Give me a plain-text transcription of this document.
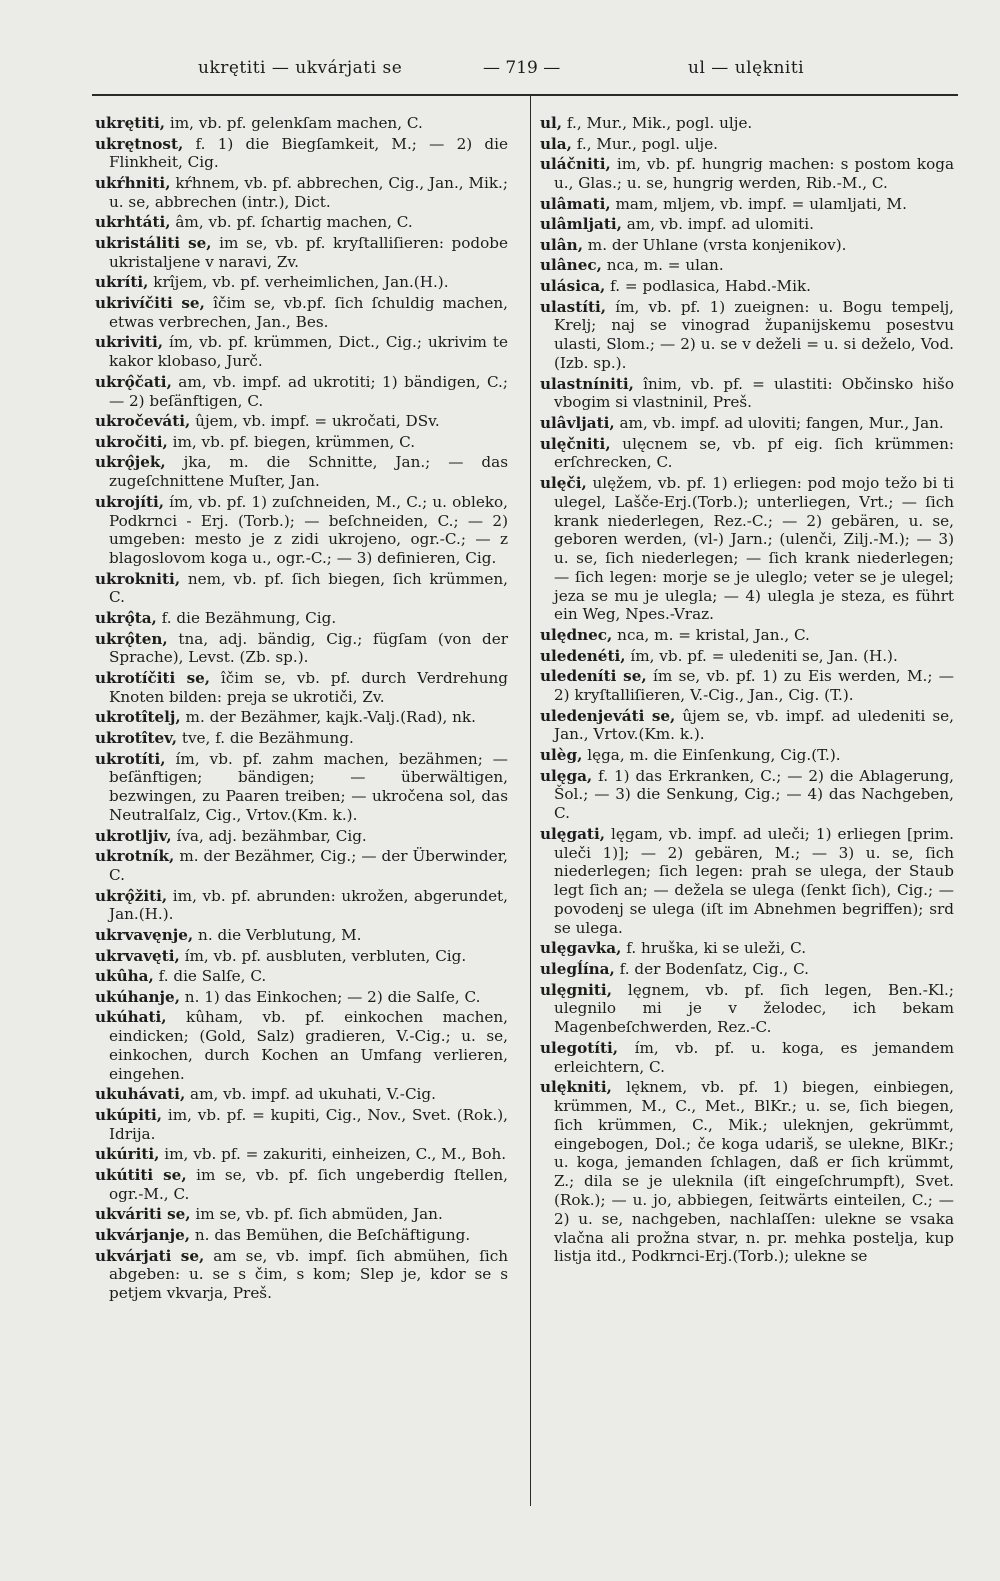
ukrętiti — ukvárjati se	— 719 —	ul — ulękniti

ukrętiti, im, vb. pf. gelenkſam machen, C.

ukrętnost, f. 1) die Biegſamkeit, M.; — 2) die Flinkheit, Cig.

ukŕhniti, kŕhnem, vb. pf. abbrechen, Cig., Jan., Mik.; u. se, abbrechen (intr.), Dict.

ukrhtáti, âm, vb. pf. ſchartig machen, C.

ukristáliti se, im se, vb. pf. kryſtalliſieren: podobe ukristaljene v naravi, Zv.

ukríti, krîjem, vb. pf. verheimlichen, Jan.(H.).

ukrivíčiti se, îčim se, vb.pf. ſich ſchuldig machen, etwas verbrechen, Jan., Bes.

ukriviti, ím, vb. pf. krümmen, Dict., Cig.; ukrivim te kakor klobaso, Jurč.

ukrǫ̂čati, am, vb. impf. ad ukrotiti; 1) bändigen, C.; — 2) beſänftigen, C.

ukročeváti, ûjem, vb. impf. = ukročati, DSv.

ukročiti, im, vb. pf. biegen, krümmen, C.

ukrǫ̂jek, jka, m. die Schnitte, Jan.; — das zugeſchnittene Muſter, Jan.

ukrojíti, ím, vb. pf. 1) zuſchneiden, M., C.; u. obleko, Podkrnci - Erj. (Torb.); — beſchneiden, C.; — 2) umgeben: mesto je z zidi ukrojeno, ogr.-C.; — z blagoslovom koga u., ogr.-C.; — 3) definieren, Cig.

ukrokniti, nem, vb. pf. ſich biegen, ſich krümmen, C.

ukrǫ̂ta, f. die Bezähmung, Cig.

ukrǫ̂ten, tna, adj. bändig, Cig.; fügſam (von der Sprache), Levst. (Zb. sp.).

ukrotíčiti se, îčim se, vb. pf. durch Verdrehung Knoten bilden: preja se ukrotiči, Zv.

ukrotîtelj, m. der Bezähmer, kajk.-Valj.(Rad), nk.

ukrotîtev, tve, f. die Bezähmung.

ukrotíti, ím, vb. pf. zahm machen, bezähmen; — beſänftigen; bändigen; — überwältigen, bezwingen, zu Paaren treiben; — ukročena sol, das Neutralſalz, Cig., Vrtov.(Km. k.).

ukrotljiv, íva, adj. bezähmbar, Cig.

ukrotník, m. der Bezähmer, Cig.; — der Überwinder, C.

ukrǫ̂žiti, im, vb. pf. abrunden: ukrožen, abgerundet, Jan.(H.).

ukrvavęnje, n. die Verblutung, M.

ukrvavęti, ím, vb. pf. ausbluten, verbluten, Cig.

ukûha, f. die Salſe, C.

ukúhanje, n. 1) das Einkochen; — 2) die Salſe, C.

ukúhati, kûham, vb. pf. einkochen machen, eindicken; (Gold, Salz) gradieren, V.-Cig.; u. se, einkochen, durch Kochen an Umfang verlieren, eingehen.

ukuhávati, am, vb. impf. ad ukuhati, V.-Cig.

ukúpiti, im, vb. pf. = kupiti, Cig., Nov., Svet. (Rok.), Idrija.

ukúriti, im, vb. pf. = zakuriti, einheizen, C., M., Boh.

ukútiti se, im se, vb. pf. ſich ungeberdig ſtellen, ogr.-M., C.

ukváriti se, im se, vb. pf. ſich abmüden, Jan.

ukvárjanje, n. das Bemühen, die Beſchäftigung.

ukvárjati se, am se, vb. impf. ſich abmühen, ſich abgeben: u. se s čim, s kom; Slep je, kdor se s petjem vkvarja, Preš.

ul, f., Mur., Mik., pogl. ulje.

ula, f., Mur., pogl. ulje.

uláčniti, im, vb. pf. hungrig machen: s postom koga u., Glas.; u. se, hungrig werden, Rib.-M., C.

ulâmati, mam, mljem, vb. impf. = ulamljati, M.

ulâmljati, am, vb. impf. ad ulomiti.

ulân, m. der Uhlane (vrsta konjenikov).

ulânec, nca, m. = ulan.

ulásica, f. = podlasica, Habd.-Mik.

ulastíti, ím, vb. pf. 1) zueignen: u. Bogu tempelj, Krelj; naj se vinograd županijskemu posestvu ulasti, Slom.; — 2) u. se v deželi = u. si deželo, Vod.(Izb. sp.).

ulastníniti, înim, vb. pf. = ulastiti: Občinsko hišo vbogim si vlastninil, Preš.

ulâvljati, am, vb. impf. ad uloviti; fangen, Mur., Jan.

ulęčniti, ulęcnem se, vb. pf eig. ſich krümmen: erſchrecken, C.

ulęči, ulęžem, vb. pf. 1) erliegen: pod mojo težo bi ti ulegel, Lašče-Erj.(Torb.); unterliegen, Vrt.; — ſich krank niederlegen, Rez.-C.; — 2) gebären, u. se, geboren werden, (vl-) Jarn.; (ulenči, Zilj.-M.); — 3) u. se, ſich niederlegen; — ſich krank niederlegen; — ſich legen: morje se je uleglo; veter se je ulegel; jeza se mu je ulegla; — 4) ulegla je steza, es führt ein Weg, Npes.-Vraz.

ulędnec, nca, m. = kristal, Jan., C.

uledenéti, ím, vb. pf. = uledeniti se, Jan. (H.).

uledeníti se, ím se, vb. pf. 1) zu Eis werden, M.; — 2) kryſtalliſieren, V.-Cig., Jan., Cig. (T.).

uledenjeváti se, ûjem se, vb. impf. ad uledeniti se, Jan., Vrtov.(Km. k.).

ulèg, lęga, m. die Einſenkung, Cig.(T.).

ulęga, f. 1) das Erkranken, C.; — 2) die Ablagerung, Šol.; — 3) die Senkung, Cig.; — 4) das Nachgeben, C.

ulęgati, lęgam, vb. impf. ad uleči; 1) erliegen [prim. uleči 1)]; — 2) gebären, M.; — 3) u. se, ſich niederlegen; ſich legen: prah se ulega, der Staub legt ſich an; — dežela se ulega (ſenkt ſich), Cig.; — povodenj se ulega (iſt im Abnehmen begriffen); srd se ulega.

ulęgavka, f. hruška, ki se uleži, C.

ulegĺína, f. der Bodenſatz, Cig., C.

ulęgniti, lęgnem, vb. pf. ſich legen, Ben.-Kl.; ulegnilo mi je v želodec, ich bekam Magenbeſchwerden, Rez.-C.

ulegotíti, ím, vb. pf. u. koga, es jemandem erleichtern, C.

ulękniti, lęknem, vb. pf. 1) biegen, einbiegen, krümmen, M., C., Met., BlKr.; u. se, ſich biegen, ſich krümmen, C., Mik.; uleknjen, gekrümmt, eingebogen, Dol.; če koga udariš, se ulekne, BlKr.; u. koga, jemanden ſchlagen, daß er ſich krümmt, Z.; dila se je uleknila (iſt eingeſchrumpft), Svet.(Rok.); — u. jo, abbiegen, ſeitwärts einteilen, C.; — 2) u. se, nachgeben, nachlaſſen: ulekne se vsaka vlačna ali prožna stvar, n. pr. mehka postelja, kup listja itd., Podkrnci-Erj.(Torb.); ulekne se
